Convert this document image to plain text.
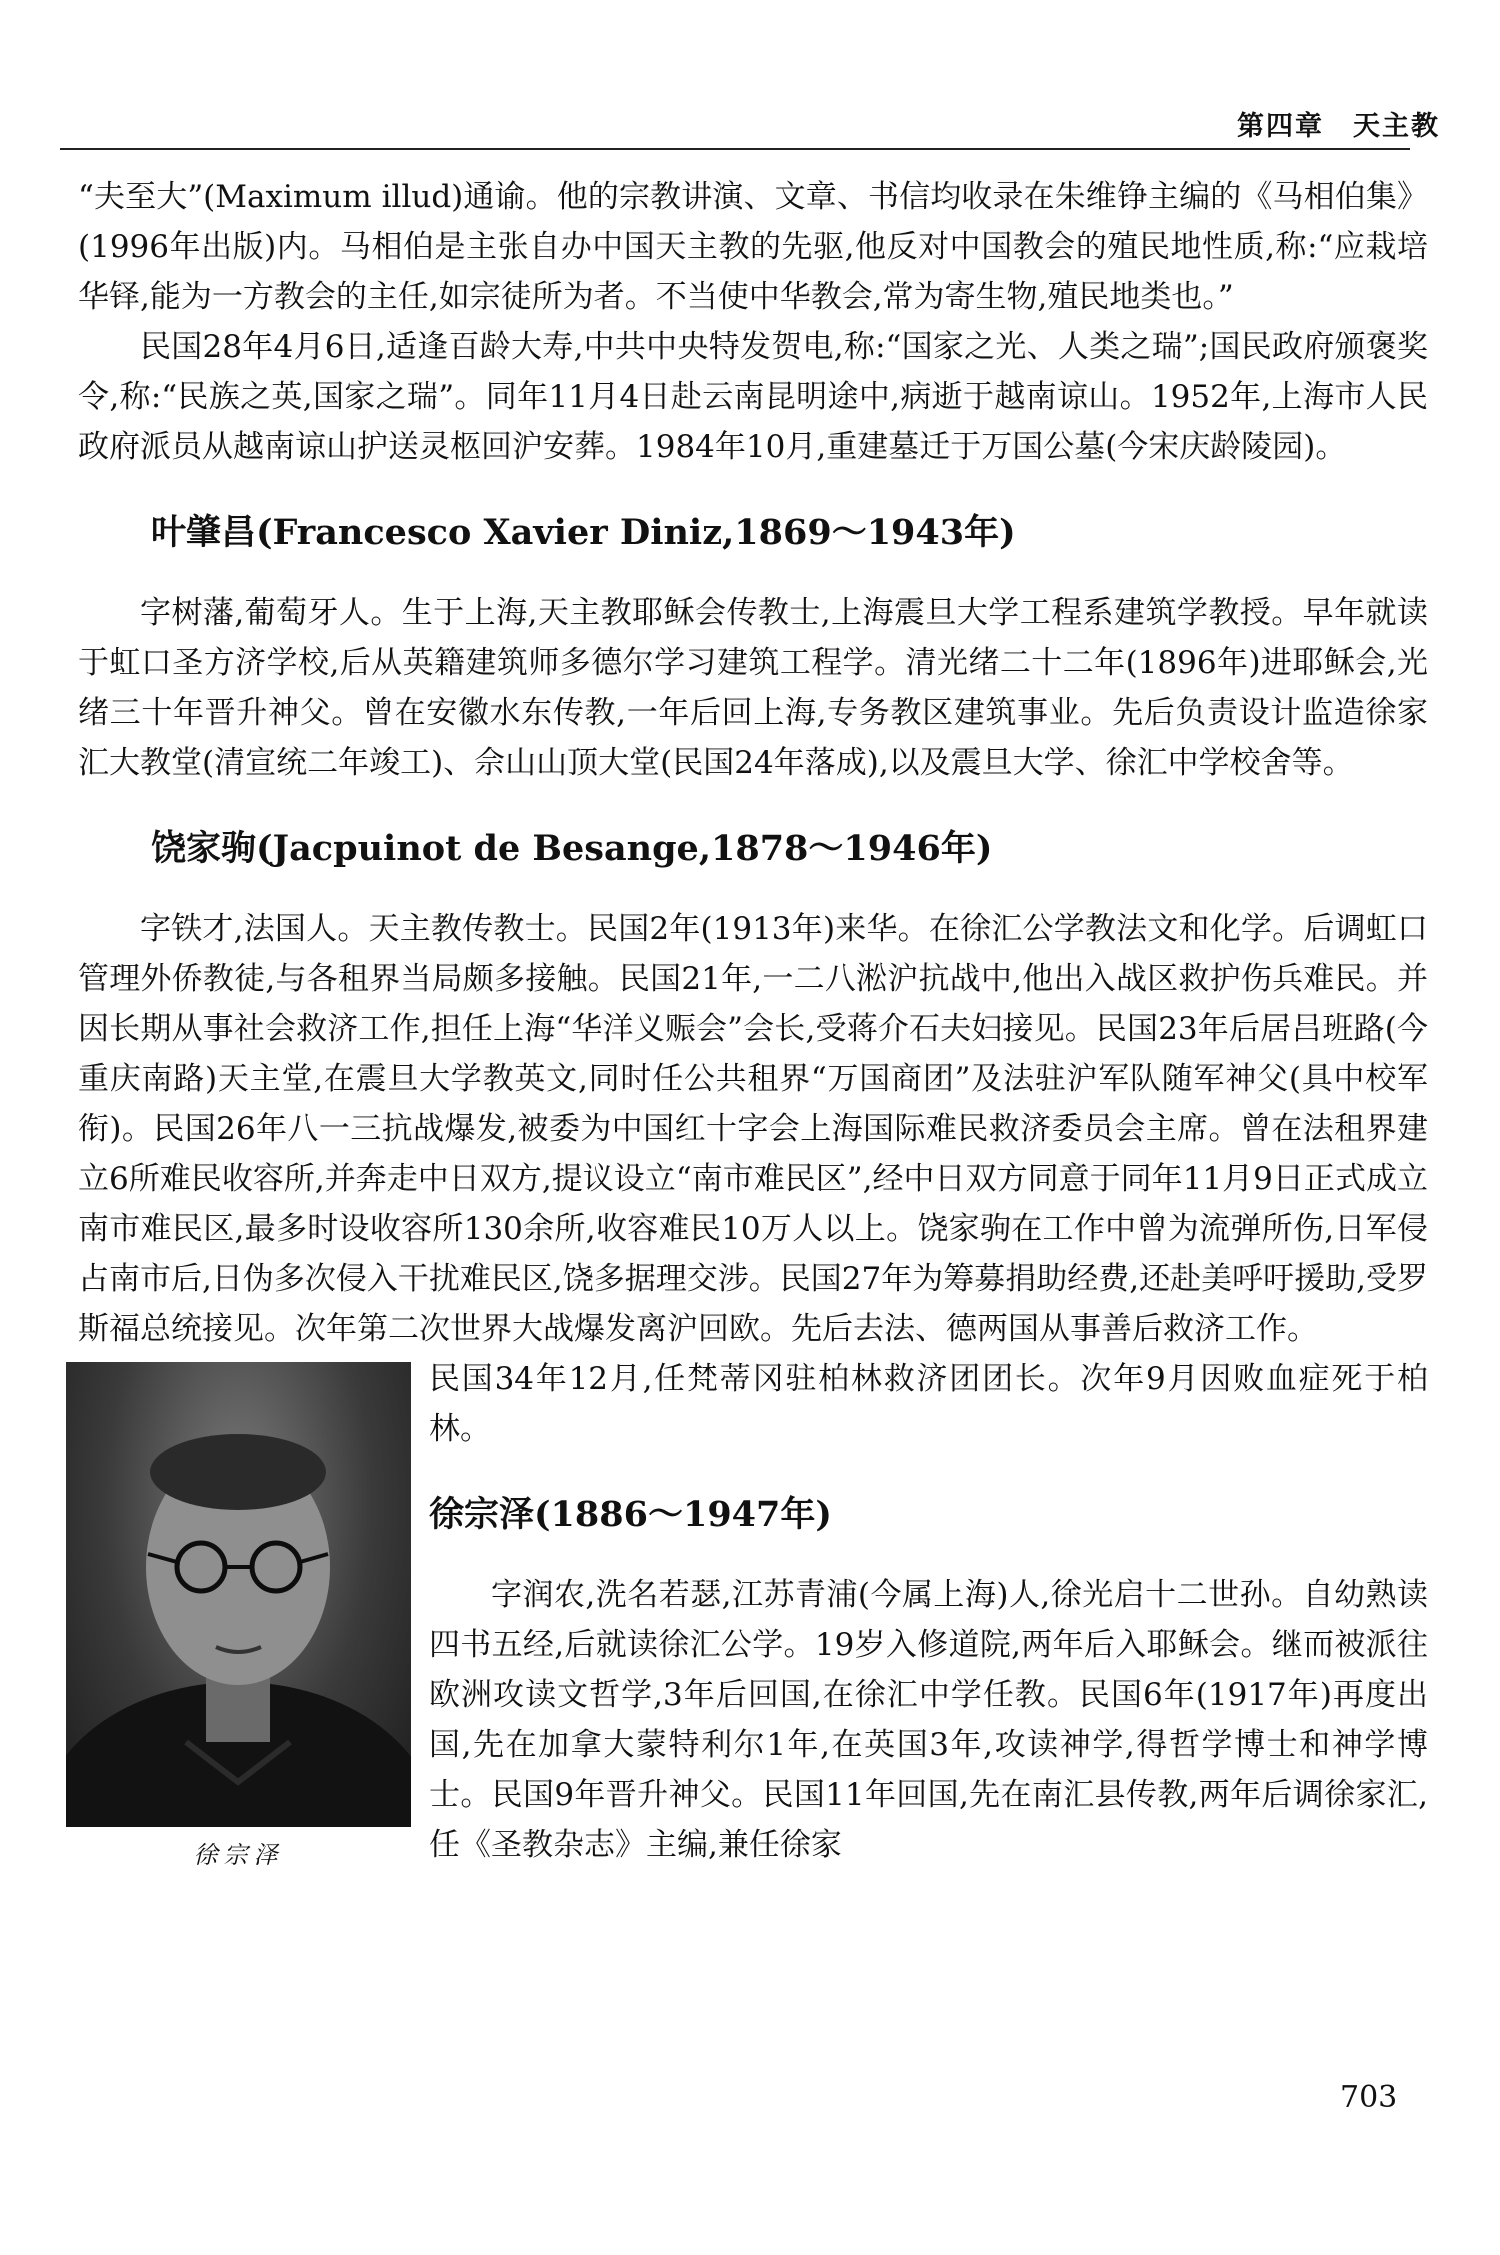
第四章　天主教

“夫至大”(Maximum illud)通谕。他的宗教讲演、文章、书信均收录在朱维铮主编的《马相伯集》(1996年出版)内。马相伯是主张自办中国天主教的先驱,他反对中国教会的殖民地性质,称:“应栽培华铎,能为一方教会的主任,如宗徒所为者。不当使中华教会,常为寄生物,殖民地类也。”

民国28年4月6日,适逢百龄大寿,中共中央特发贺电,称:“国家之光、人类之瑞”;国民政府颁褒奖令,称:“民族之英,国家之瑞”。同年11月4日赴云南昆明途中,病逝于越南谅山。1952年,上海市人民政府派员从越南谅山护送灵柩回沪安葬。1984年10月,重建墓迁于万国公墓(今宋庆龄陵园)。

叶肇昌(Francesco Xavier Diniz,1869～1943年)

字树藩,葡萄牙人。生于上海,天主教耶稣会传教士,上海震旦大学工程系建筑学教授。早年就读于虹口圣方济学校,后从英籍建筑师多德尔学习建筑工程学。清光绪二十二年(1896年)进耶稣会,光绪三十年晋升神父。曾在安徽水东传教,一年后回上海,专务教区建筑事业。先后负责设计监造徐家汇大教堂(清宣统二年竣工)、佘山山顶大堂(民国24年落成),以及震旦大学、徐汇中学校舍等。

饶家驹(Jacpuinot de Besange,1878～1946年)

字铁才,法国人。天主教传教士。民国2年(1913年)来华。在徐汇公学教法文和化学。后调虹口管理外侨教徒,与各租界当局颇多接触。民国21年,一二八淞沪抗战中,他出入战区救护伤兵难民。并因长期从事社会救济工作,担任上海“华洋义赈会”会长,受蒋介石夫妇接见。民国23年后居吕班路(今重庆南路)天主堂,在震旦大学教英文,同时任公共租界“万国商团”及法驻沪军队随军神父(具中校军衔)。民国26年八一三抗战爆发,被委为中国红十字会上海国际难民救济委员会主席。曾在法租界建立6所难民收容所,并奔走中日双方,提议设立“南市难民区”,经中日双方同意于同年11月9日正式成立南市难民区,最多时设收容所130余所,收容难民10万人以上。饶家驹在工作中曾为流弹所伤,日军侵占南市后,日伪多次侵入干扰难民区,饶多据理交涉。民国27年为筹募捐助经费,还赴美呼吁援助,受罗斯福总统接见。次年第二次世界大战爆发离沪回欧。先后去法、德两国从事善后救济工作。

徐宗泽

民国34年12月,任梵蒂冈驻柏林救济团团长。次年9月因败血症死于柏林。

徐宗泽(1886～1947年)

字润农,洗名若瑟,江苏青浦(今属上海)人,徐光启十二世孙。自幼熟读四书五经,后就读徐汇公学。19岁入修道院,两年后入耶稣会。继而被派往欧洲攻读文哲学,3年后回国,在徐汇中学任教。民国6年(1917年)再度出国,先在加拿大蒙特利尔1年,在英国3年,攻读神学,得哲学博士和神学博士。民国9年晋升神父。民国11年回国,先在南汇县传教,两年后调徐家汇,任《圣教杂志》主编,兼任徐家

703
